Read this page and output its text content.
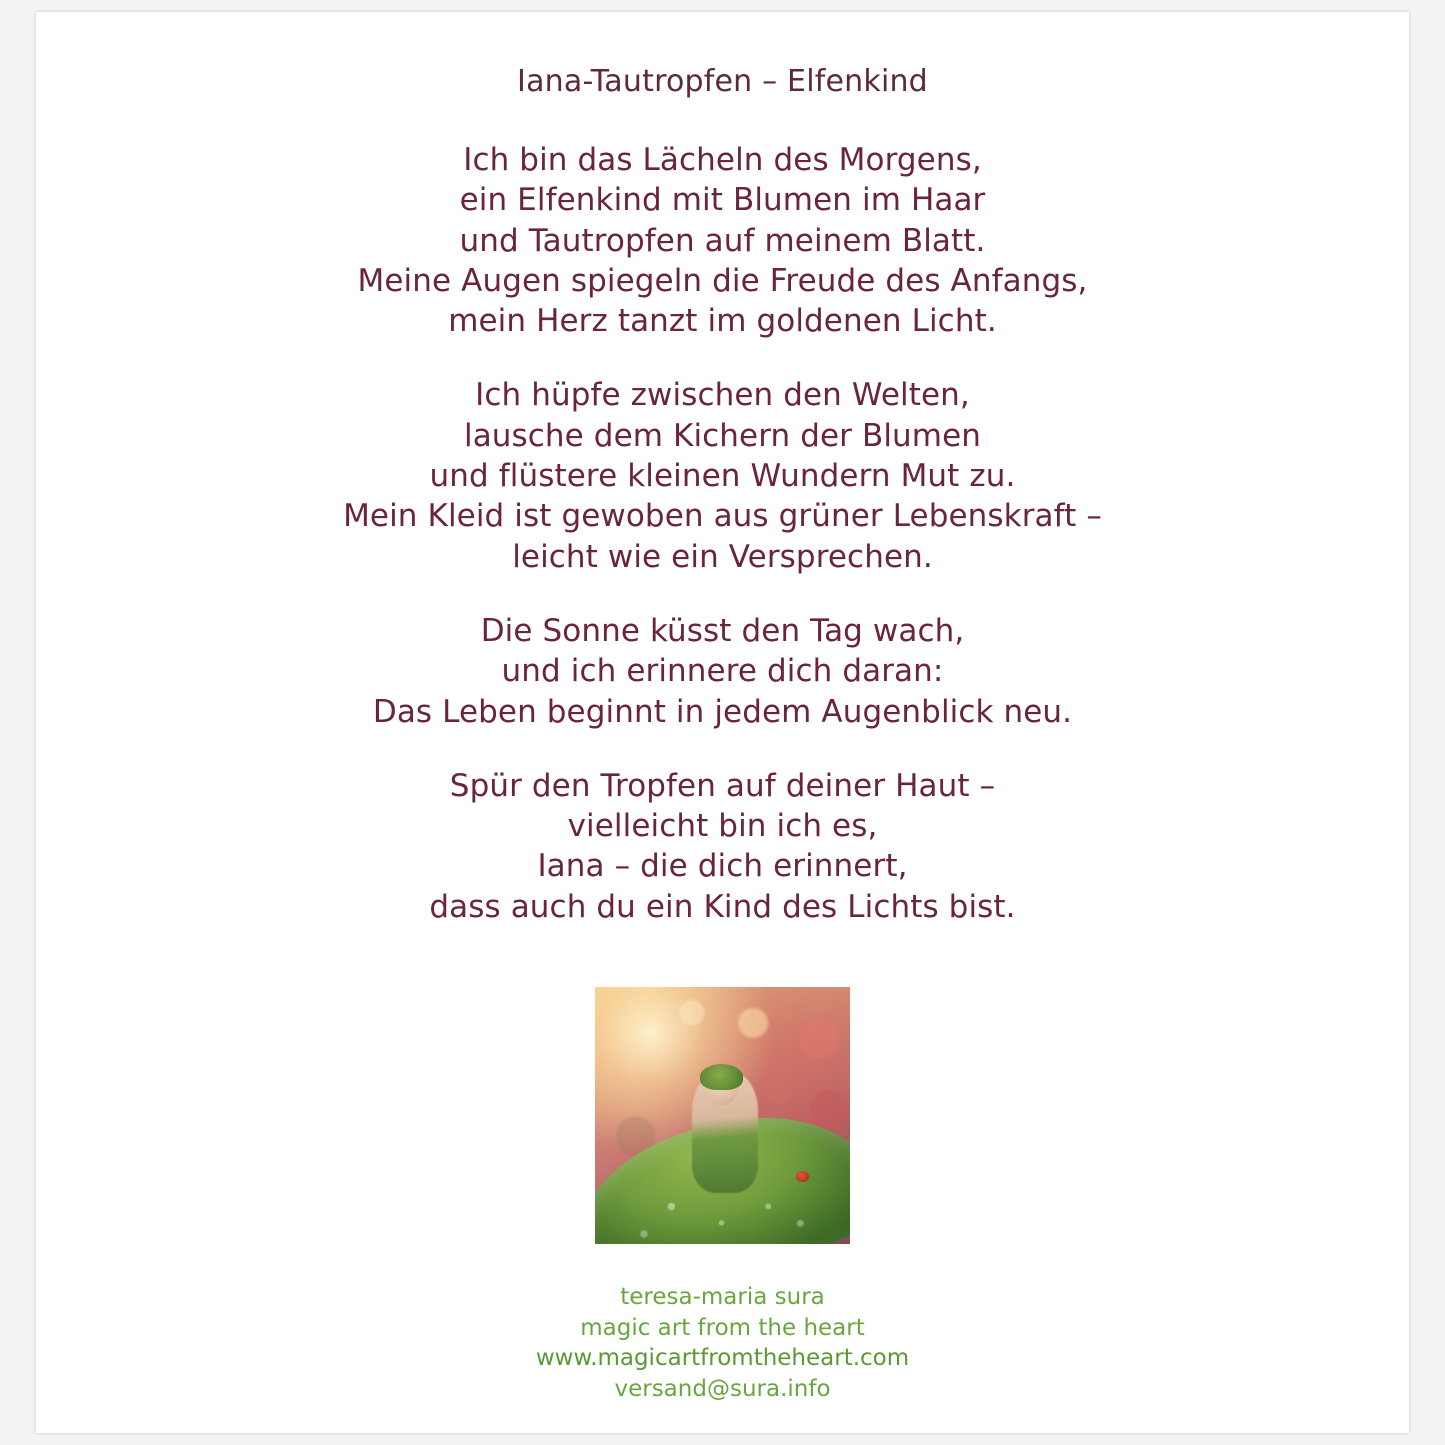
Iana-Tautropfen – Elfenkind
Ich bin das Lächeln des Morgens,
ein Elfenkind mit Blumen im Haar
und Tautropfen auf meinem Blatt.
Meine Augen spiegeln die Freude des Anfangs,
mein Herz tanzt im goldenen Licht.
Ich hüpfe zwischen den Welten,
lausche dem Kichern der Blumen
und flüstere kleinen Wundern Mut zu.
Mein Kleid ist gewoben aus grüner Lebenskraft –
leicht wie ein Versprechen.
Die Sonne küsst den Tag wach,
und ich erinnere dich daran:
Das Leben beginnt in jedem Augenblick neu.
Spür den Tropfen auf deiner Haut –
vielleicht bin ich es,
Iana – die dich erinnert,
dass auch du ein Kind des Lichts bist.
teresa-maria sura
magic art from the heart
www.magicartfromtheheart.com
versand@sura.info
